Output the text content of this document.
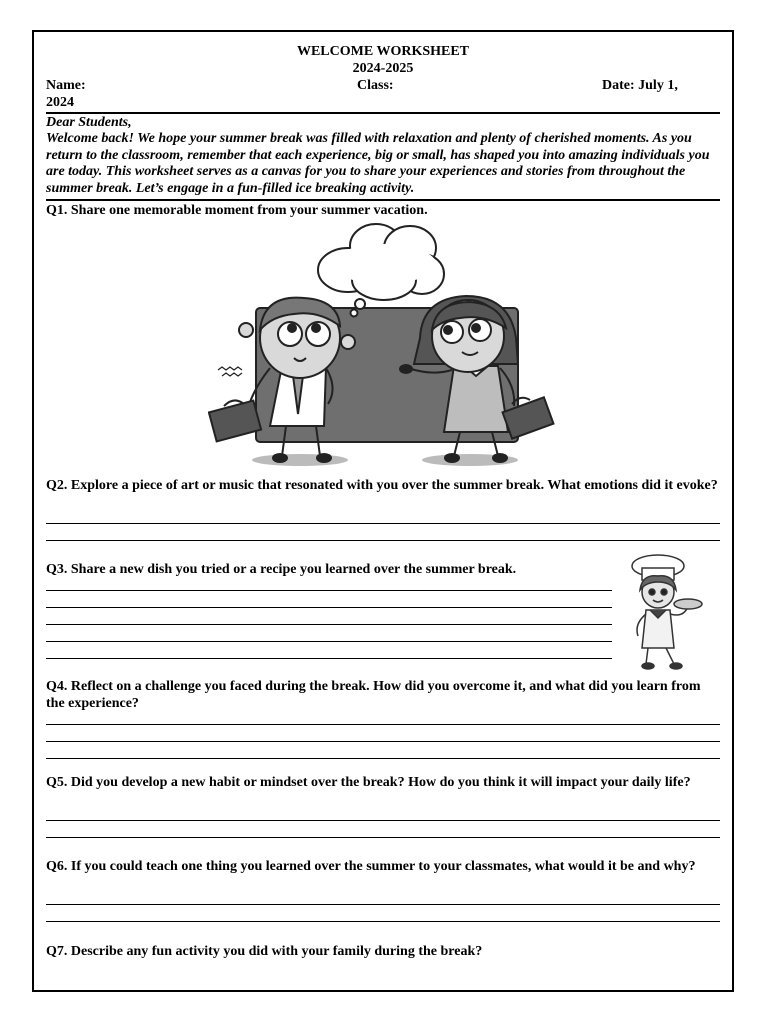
WELCOME WORKSHEET
2024-2025
Name:	Class:	Date: July 1,
2024
Dear Students,
Welcome back! We hope your summer break was filled with relaxation and plenty of cherished moments. As you return to the classroom, remember that each experience, big or small, has shaped you into amazing individuals you are today. This worksheet serves as a canvas for you to share your experiences and stories from throughout the summer break. Let’s engage in a fun-filled ice breaking activity.
Q1. Share one memorable moment from your summer vacation.
Q2. Explore a piece of art or music that resonated with you over the summer break. What emotions did it evoke?
Q3. Share a new dish you tried or a recipe you learned over the summer break.
Q4. Reflect on a challenge you faced during the break. How did you overcome it, and what did you learn from the experience?
Q5. Did you develop a new habit or mindset over the break? How do you think it will impact your daily life?
Q6. If you could teach one thing you learned over the summer to your classmates, what would it be and why?
Q7. Describe any fun activity you did with your family during the break?
